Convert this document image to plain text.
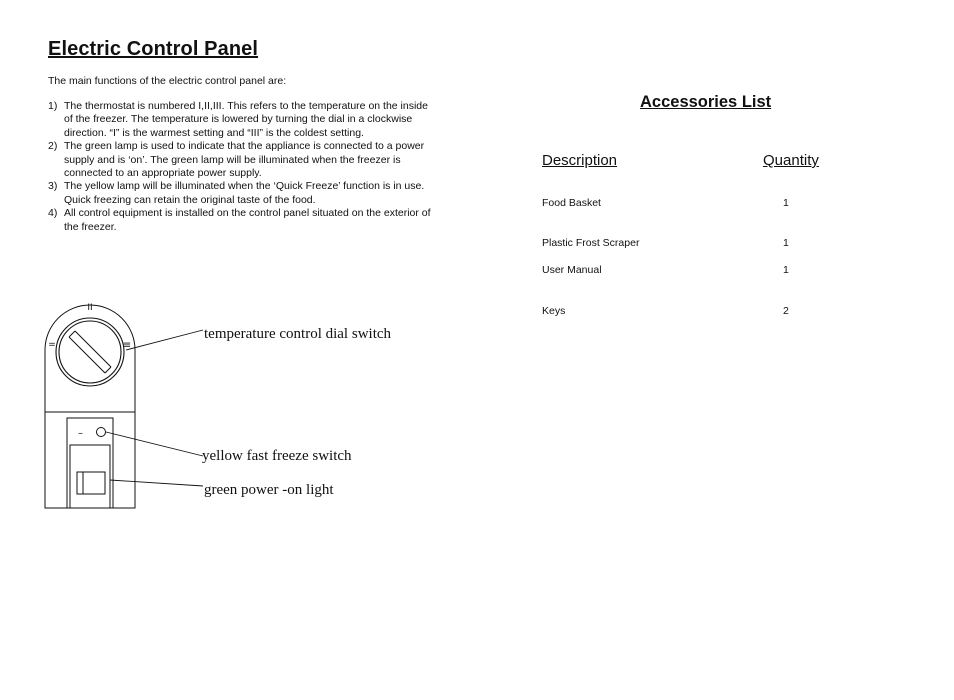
Electric Control Panel
The main functions of the electric control panel are:
1) The thermostat is numbered I,II,III. This refers to the temperature on the inside of the freezer. The temperature is lowered by turning the dial in a clockwise direction. “I” is the warmest setting and “III” is the coldest setting.
2) The green lamp is used to indicate that the appliance is connected to a power supply and is ‘on’. The green lamp will be illuminated when the freezer is connected to an appropriate power supply.
3) The yellow lamp will be illuminated when the ‘Quick Freeze’ function is in use. Quick freezing can retain the original taste of the food.
4) All control equipment is installed on the control panel situated on the exterior of the freezer.
II
=	≡
–
temperature control dial switch
yellow fast freeze switch
green power -on light
Accessories List
Description	Quantity
Food Basket	1
Plastic Frost Scraper	1
User Manual	1
Keys	2
